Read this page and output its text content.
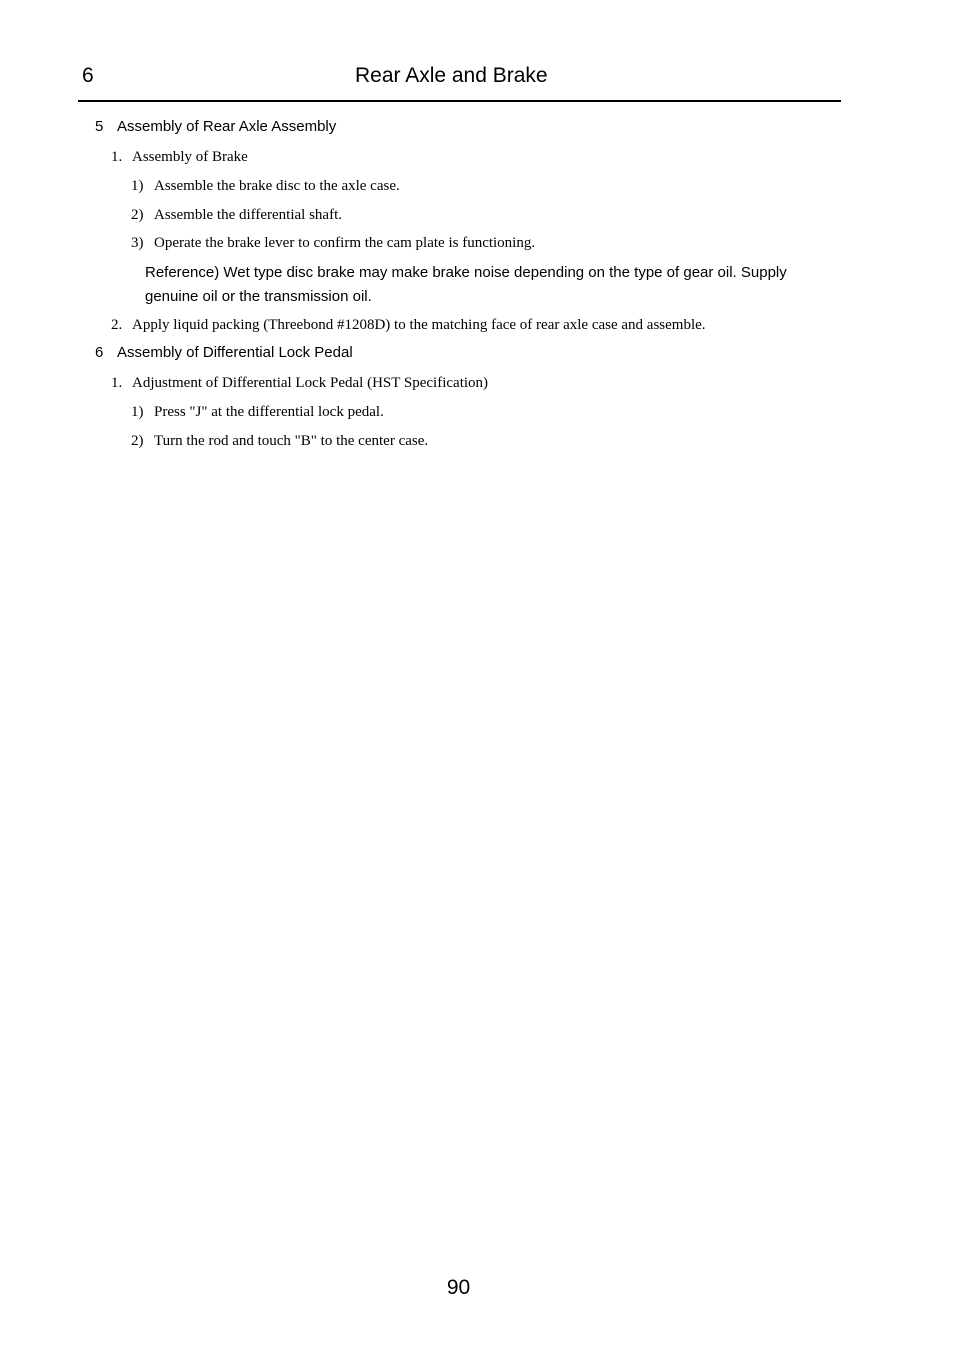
6	Rear Axle and Brake
5 Assembly of Rear Axle Assembly
1. Assembly of Brake
1) Assemble the brake disc to the axle case.
2) Assemble the differential shaft.
3) Operate the brake lever to confirm the cam plate is functioning.
Reference) Wet type disc brake may make brake noise depending on the type of gear oil. Supply genuine oil or the transmission oil.
2. Apply liquid packing (Threebond #1208D) to the matching face of rear axle case and assemble.
6 Assembly of Differential Lock Pedal
1. Adjustment of Differential Lock Pedal (HST Specification)
1) Press "J" at the differential lock pedal.
2) Turn the rod and touch "B" to the center case.
90
